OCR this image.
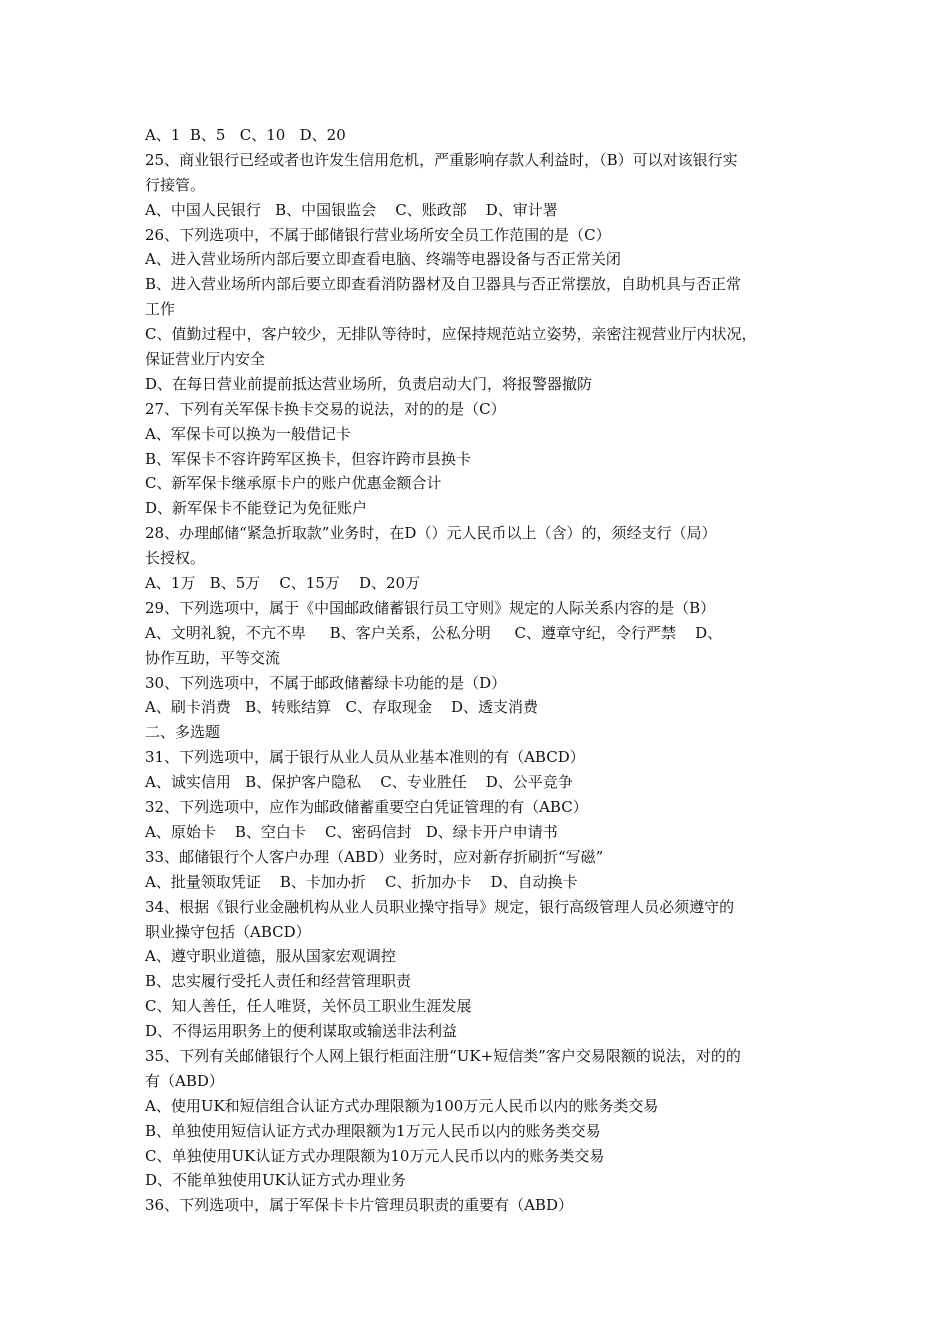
A、1  B、5   C、10   D、20
25、商业银行已经或者也许发生信用危机，严重影响存款人利益时，（B）可以对该银行实
行接管。
A、中国人民银行   B、中国银监会    C、账政部    D、审计署
26、下列选项中，不属于邮储银行营业场所安全员工作范围的是（C）
A、进入营业场所内部后要立即查看电脑、终端等电器设备与否正常关闭
B、进入营业场所内部后要立即查看消防器材及自卫器具与否正常摆放，自助机具与否正常
工作
C、值勤过程中，客户较少，无排队等待时，应保持规范站立姿势，亲密注视营业厅内状况，
保证营业厅内安全
D、在每日营业前提前抵达营业场所，负责启动大门，将报警器撤防
27、下列有关军保卡换卡交易的说法，对的的是（C）
A、军保卡可以换为一般借记卡
B、军保卡不容许跨军区换卡，但容许跨市县换卡
C、新军保卡继承原卡户的账户优惠金额合计
D、新军保卡不能登记为免征账户
28、办理邮储“紧急折取款”业务时，在D（）元人民币以上（含）的，须经支行（局）
长授权。
A、1万   B、5万    C、15万    D、20万
29、下列选项中，属于《中国邮政储蓄银行员工守则》规定的人际关系内容的是（B）
A、文明礼貌，不亢不卑     B、客户关系，公私分明     C、遵章守纪，令行严禁    D、
协作互助，平等交流
30、下列选项中，不属于邮政储蓄绿卡功能的是（D）
A、刷卡消费   B、转账结算   C、存取现金    D、透支消费
二、多选题
31、下列选项中，属于银行从业人员从业基本准则的有（ABCD）
A、诚实信用   B、保护客户隐私    C、专业胜任    D、公平竞争
32、下列选项中，应作为邮政储蓄重要空白凭证管理的有（ABC）
A、原始卡    B、空白卡    C、密码信封   D、绿卡开户申请书
33、邮储银行个人客户办理（ABD）业务时，应对新存折刷折“写磁”
A、批量领取凭证    B、卡加办折    C、折加办卡    D、自动换卡
34、根据《银行业金融机构从业人员职业操守指导》规定，银行高级管理人员必须遵守的
职业操守包括（ABCD）
A、遵守职业道德，服从国家宏观调控
B、忠实履行受托人责任和经营管理职责
C、知人善任，任人唯贤，关怀员工职业生涯发展
D、不得运用职务上的便利谋取或输送非法利益
35、下列有关邮储银行个人网上银行柜面注册“UK+短信类”客户交易限额的说法，对的的
有（ABD）
A、使用UK和短信组合认证方式办理限额为100万元人民币以内的账务类交易
B、单独使用短信认证方式办理限额为1万元人民币以内的账务类交易
C、单独使用UK认证方式办理限额为10万元人民币以内的账务类交易
D、不能单独使用UK认证方式办理业务
36、下列选项中，属于军保卡卡片管理员职责的重要有（ABD）
